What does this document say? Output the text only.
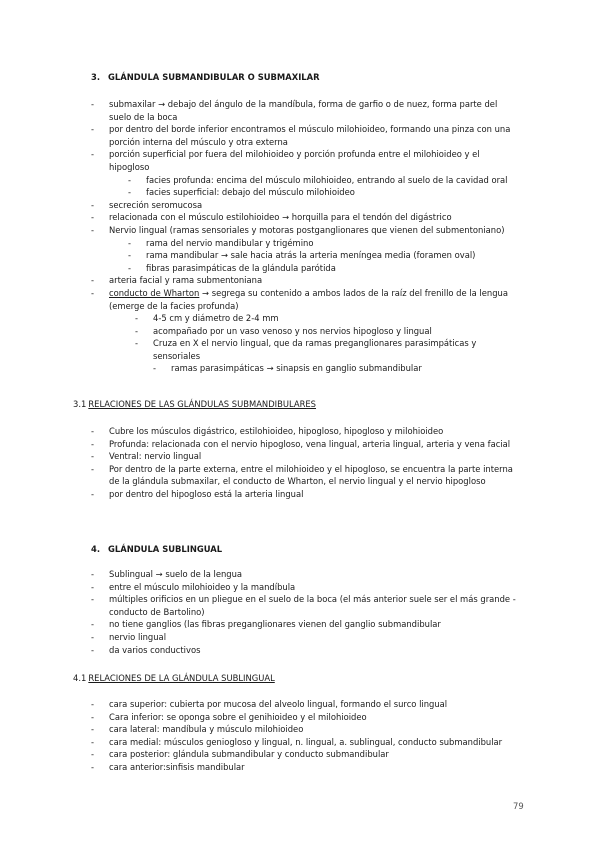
3. GLÁNDULA SUBMANDIBULAR O SUBMAXILAR
- submaxilar → debajo del ángulo de la mandíbula, forma de garfio o de nuez, forma parte del suelo de la boca
- por dentro del borde inferior encontramos el músculo milohioideo, formando una pinza con una porción interna del músculo y otra externa
- porción superficial por fuera del milohioideo y porción profunda entre el milohioideo y el hipogloso
- facies profunda: encima del músculo milohioideo, entrando al suelo de la cavidad oral
- facies superficial: debajo del músculo milohioideo
- secreción seromucosa
- relacionada con el músculo estilohioideo → horquilla para el tendón del digástrico
- Nervio lingual (ramas sensoriales y motoras postganglionares que vienen del submentoniano)
- rama del nervio mandibular y trigémino
- rama mandibular → sale hacia atrás la arteria meníngea media (foramen oval)
- fibras parasimpáticas de la glándula parótida
- arteria facial y rama submentoniana
- conducto de Wharton → segrega su contenido a ambos lados de la raíz del frenillo de la lengua (emerge de la facies profunda)
- 4-5 cm y diámetro de 2-4 mm
- acompañado por un vaso venoso y nos nervios hipogloso y lingual
- Cruza en X el nervio lingual, que da ramas preganglionares parasimpáticas y sensoriales
- ramas parasimpáticas → sinapsis en ganglio submandibular
3.1 RELACIONES DE LAS GLÁNDULAS SUBMANDIBULARES
- Cubre los músculos digástrico, estilohioideo, hipogloso, hipogloso y milohioideo
- Profunda: relacionada con el nervio hipogloso, vena lingual, arteria lingual, arteria y vena facial
- Ventral: nervio lingual
- Por dentro de la parte externa, entre el milohioideo y el hipogloso, se encuentra la parte interna de la glándula submaxilar, el conducto de Wharton, el nervio lingual y el nervio hipogloso
- por dentro del hipogloso está la arteria lingual
4. GLÁNDULA SUBLINGUAL
- Sublingual → suelo de la lengua
- entre el músculo milohioideo y la mandíbula
- múltiples orificios en un pliegue en el suelo de la boca (el más anterior suele ser el más grande - conducto de Bartolino)
- no tiene ganglios (las fibras preganglionares vienen del ganglio submandibular
- nervio lingual
- da varios conductivos
4.1 RELACIONES DE LA GLÁNDULA SUBLINGUAL
- cara superior: cubierta por mucosa del alveolo lingual, formando el surco lingual
- Cara inferior: se oponga sobre el genihioideo y el milohioideo
- cara lateral: mandíbula y músculo milohioideo
- cara medial: músculos geniogloso y lingual, n. lingual, a. sublingual, conducto submandibular
- cara posterior: glándula submandibular y conducto submandibular
- cara anterior:sinfisis mandibular
79
